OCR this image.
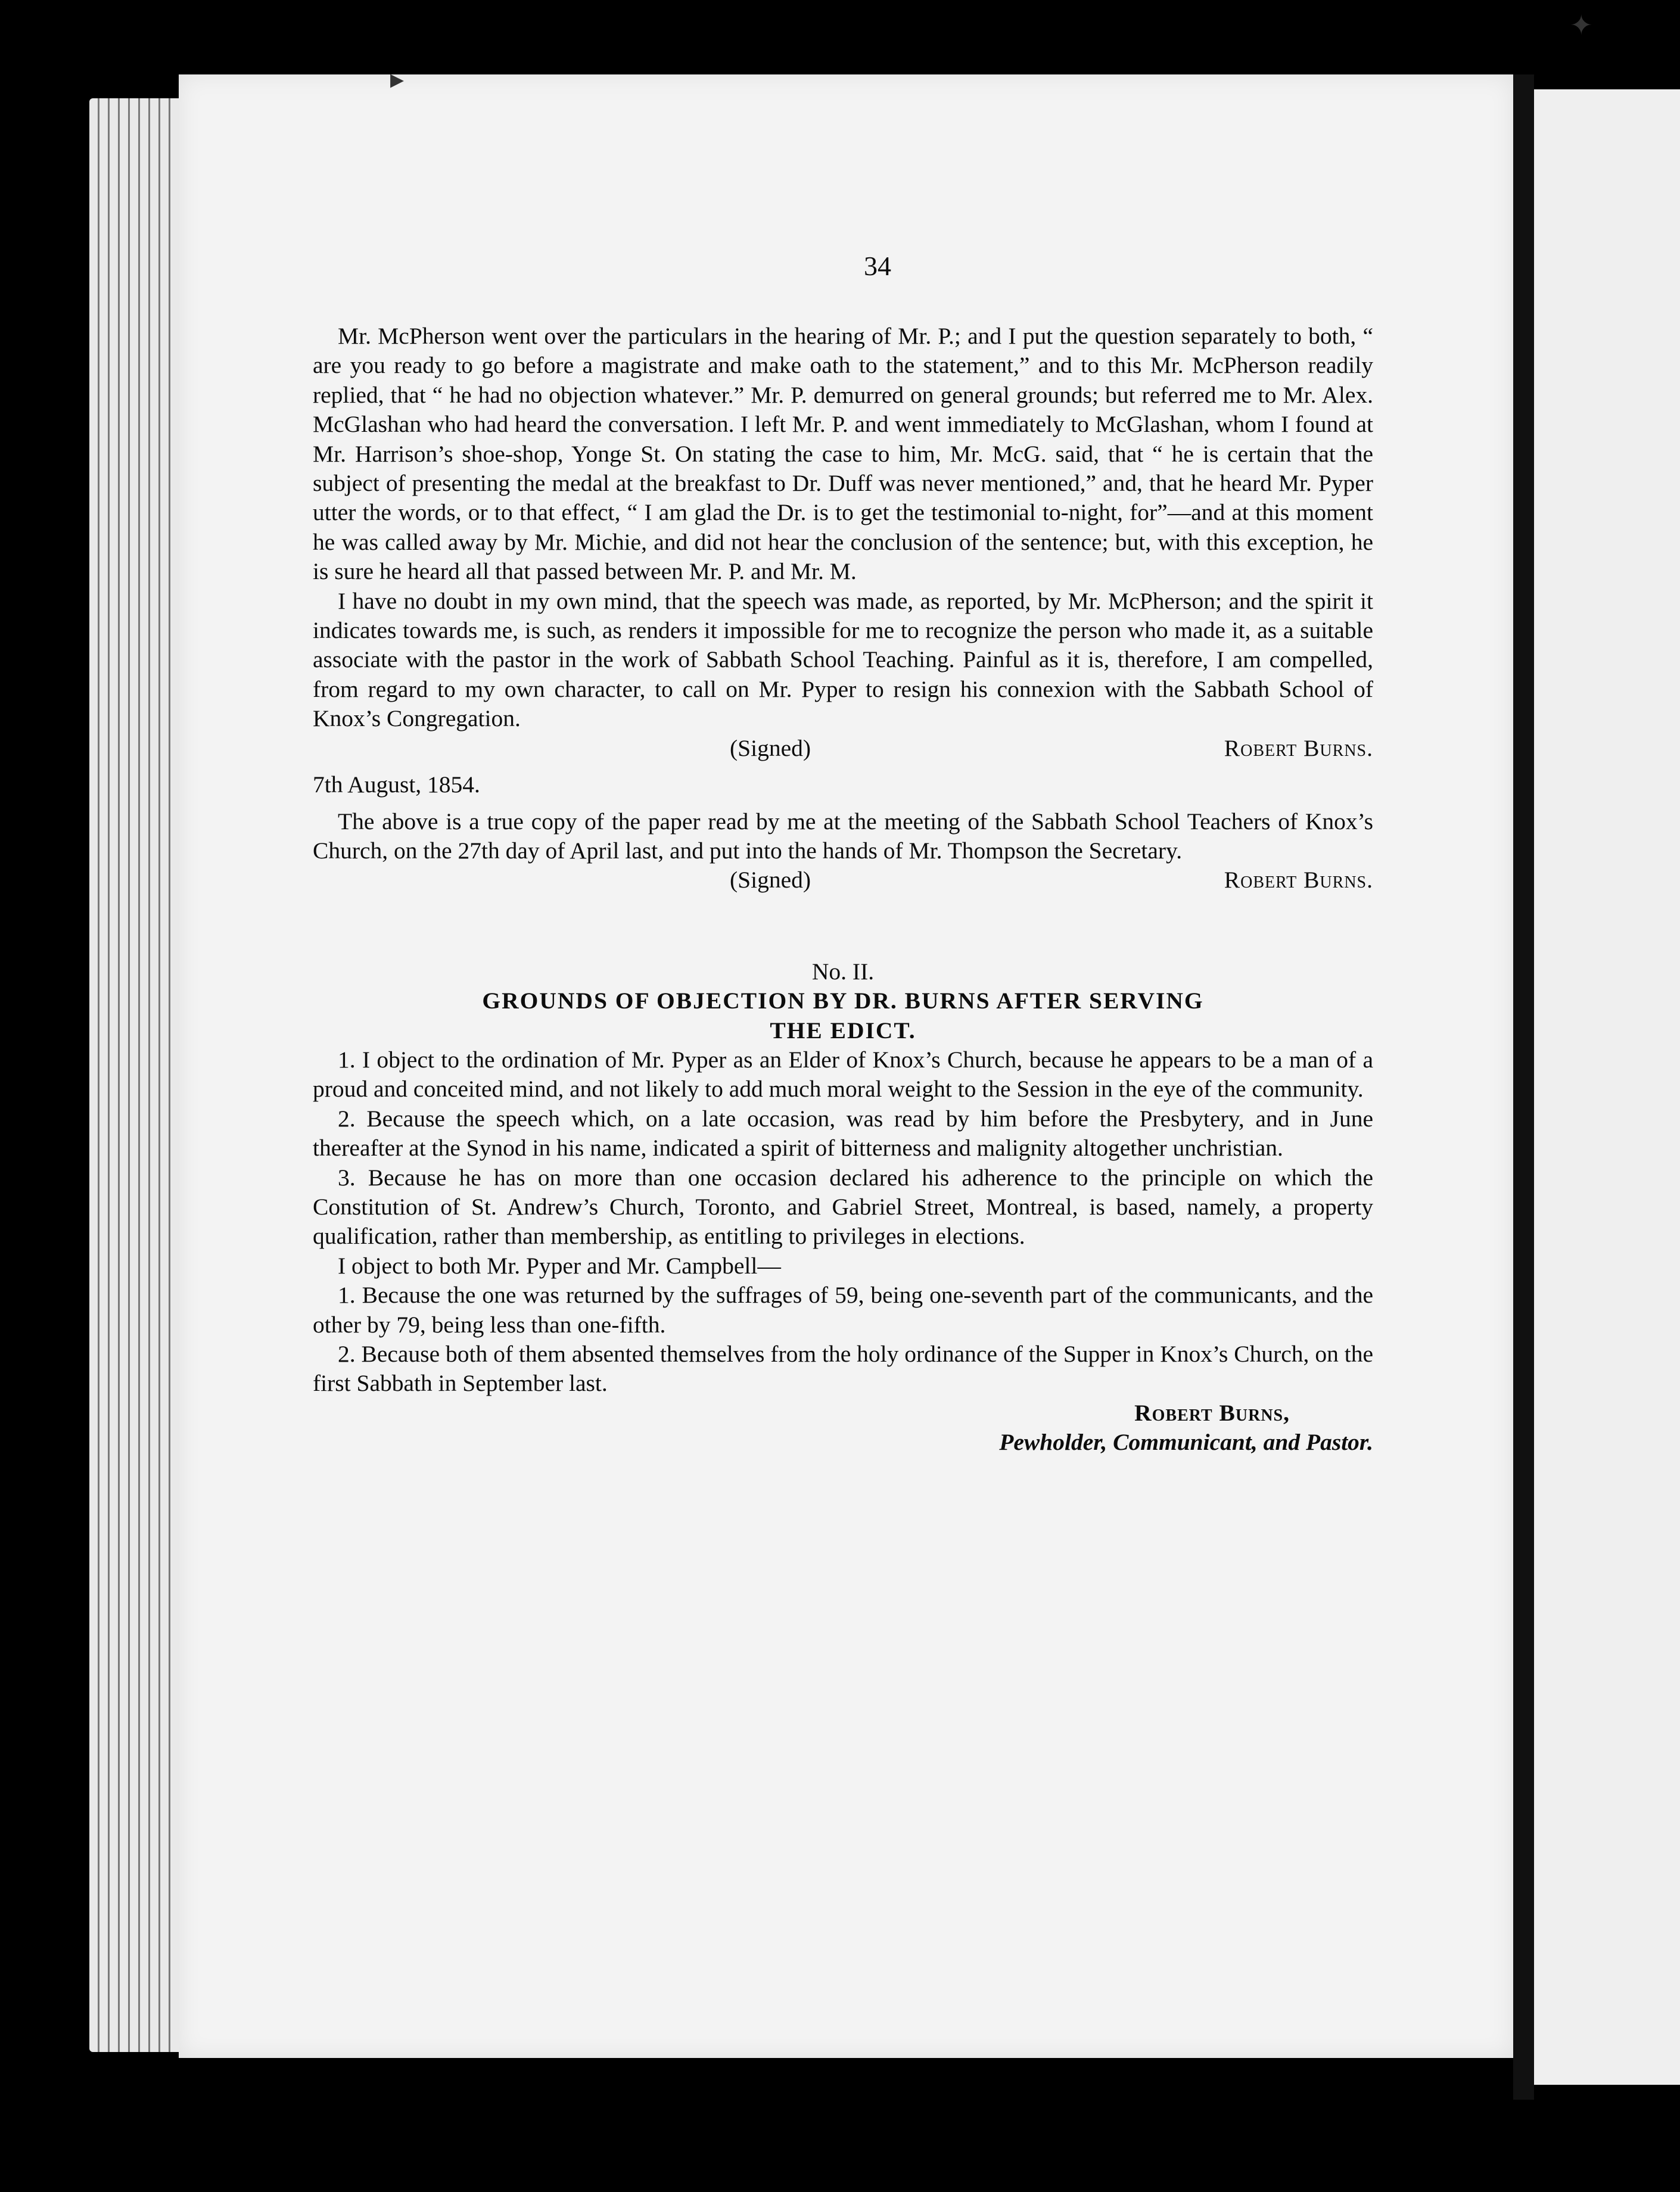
▸
✦
34

Mr. McPherson went over the particulars in the hearing of Mr. P.; and I put the question separately to both, “ are you ready to go before a magistrate and make oath to the statement,” and to this Mr. McPherson readily replied, that “ he had no objection whatever.” Mr. P. demurred on general grounds; but referred me to Mr. Alex. McGlashan who had heard the conversation. I left Mr. P. and went immediately to McGlashan, whom I found at Mr. Harrison’s shoe-shop, Yonge St. On stating the case to him, Mr. McG. said, that “ he is certain that the subject of presenting the medal at the breakfast to Dr. Duff was never mentioned,” and, that he heard Mr. Pyper utter the words, or to that effect, “ I am glad the Dr. is to get the testimonial to-night, for”—and at this moment he was called away by Mr. Michie, and did not hear the conclusion of the sentence; but, with this exception, he is sure he heard all that passed between Mr. P. and Mr. M.

I have no doubt in my own mind, that the speech was made, as reported, by Mr. McPherson; and the spirit it indicates towards me, is such, as renders it impossible for me to recognize the person who made it, as a suitable associate with the pastor in the work of Sabbath School Teaching. Painful as it is, therefore, I am compelled, from regard to my own character, to call on Mr. Pyper to resign his connexion with the Sabbath School of Knox’s Congregation.

(Signed)	Robert Burns.

7th August, 1854.

The above is a true copy of the paper read by me at the meeting of the Sabbath School Teachers of Knox’s Church, on the 27th day of April last, and put into the hands of Mr. Thompson the Secretary.

(Signed)	Robert Burns.

No. II.

GROUNDS OF OBJECTION BY DR. BURNS AFTER SERVING

THE EDICT.

1. I object to the ordination of Mr. Pyper as an Elder of Knox’s Church, because he appears to be a man of a proud and conceited mind, and not likely to add much moral weight to the Session in the eye of the community.

2. Because the speech which, on a late occasion, was read by him before the Presbytery, and in June thereafter at the Synod in his name, indicated a spirit of bitterness and malignity altogether unchristian.

3. Because he has on more than one occasion declared his adherence to the principle on which the Constitution of St. Andrew’s Church, Toronto, and Gabriel Street, Montreal, is based, namely, a property qualification, rather than membership, as entitling to privileges in elections.

I object to both Mr. Pyper and Mr. Campbell—

1. Because the one was returned by the suffrages of 59, being one-seventh part of the communicants, and the other by 79, being less than one-fifth.

2. Because both of them absented themselves from the holy ordinance of the Supper in Knox’s Church, on the first Sabbath in September last.

Robert Burns,

Pewholder, Communicant, and Pastor.
